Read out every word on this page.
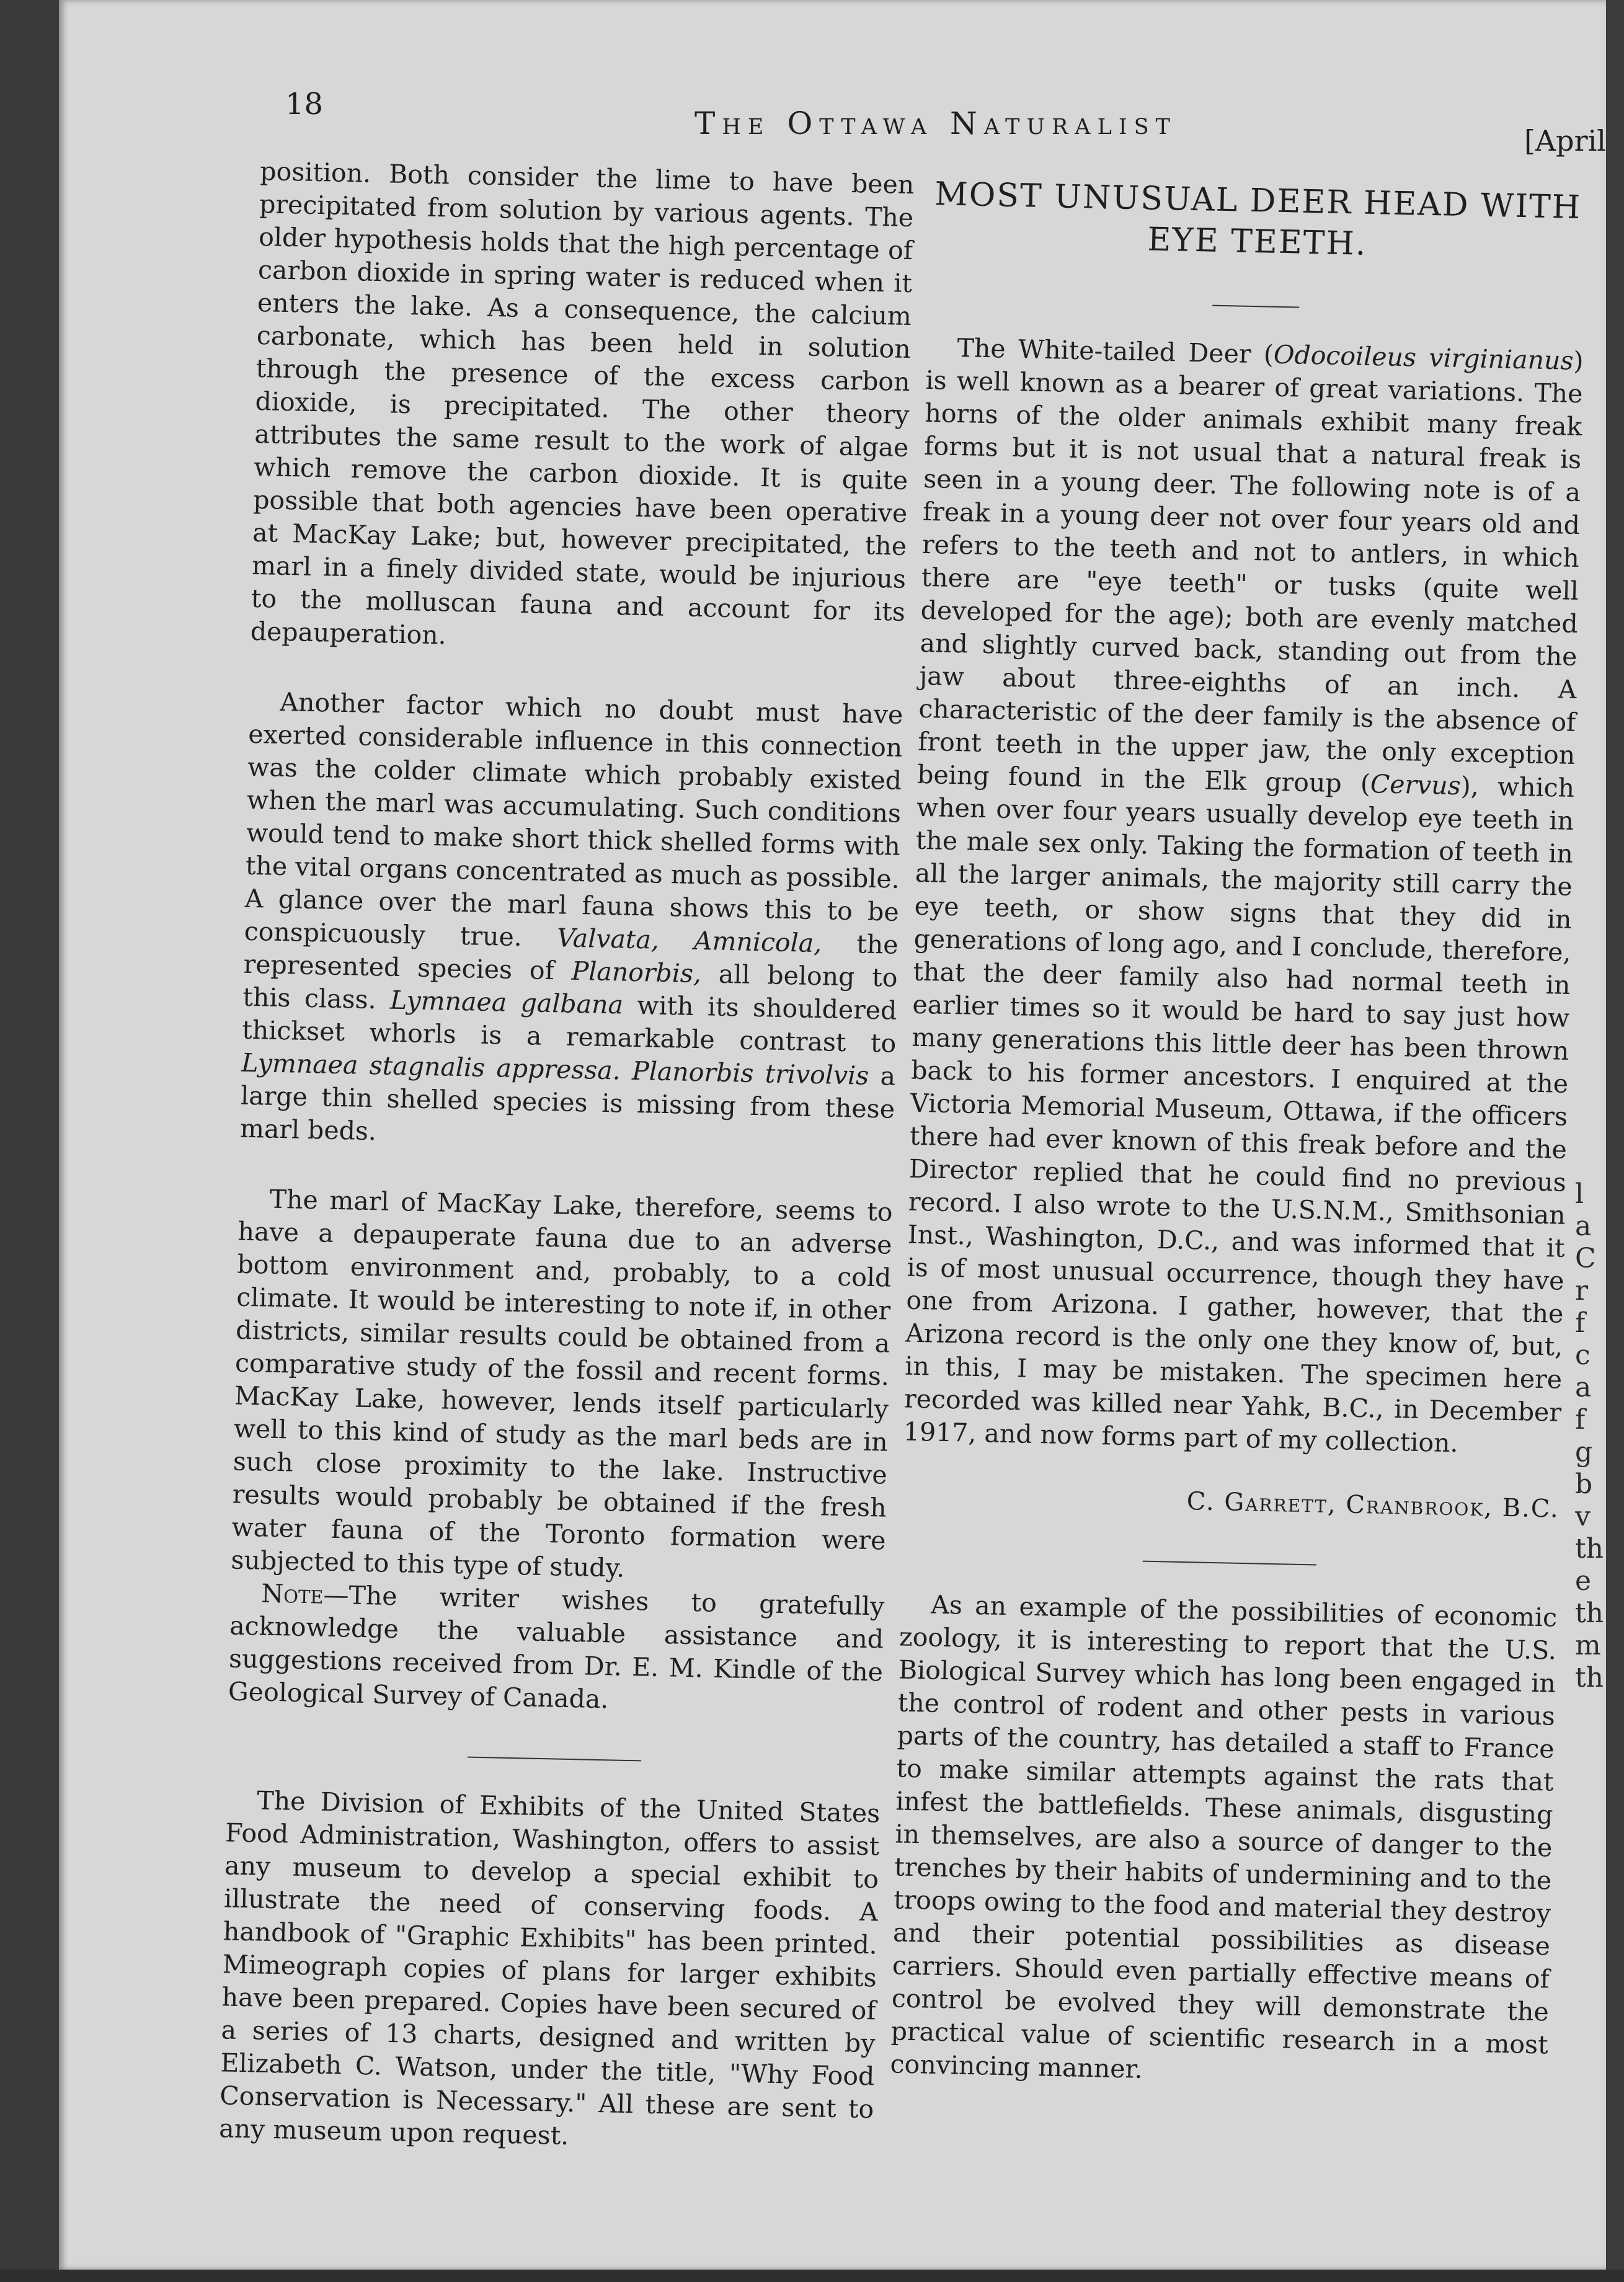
18
The Ottawa Naturalist	[April

position. Both consider the lime to have been precipitated from solution by various agents. The older hypothesis holds that the high percentage of carbon dioxide in spring water is reduced when it enters the lake. As a consequence, the calcium carbonate, which has been held in solution through the presence of the excess carbon dioxide, is precipitated. The other theory attributes the same result to the work of algae which remove the carbon dioxide. It is quite possible that both agencies have been operative at MacKay Lake; but, however precipitated, the marl in a finely divided state, would be injurious to the molluscan fauna and account for its depauperation.

Another factor which no doubt must have exerted considerable influence in this connection was the colder climate which probably existed when the marl was accumulating. Such conditions would tend to make short thick shelled forms with the vital organs concentrated as much as possible. A glance over the marl fauna shows this to be conspicuously true. Valvata, Amnicola, the represented species of Planorbis, all belong to this class. Lymnaea galbana with its shouldered thickset whorls is a remarkable contrast to Lymnaea stagnalis appressa. Planorbis trivolvis a large thin shelled species is missing from these marl beds.

The marl of MacKay Lake, therefore, seems to have a depauperate fauna due to an adverse bottom environment and, probably, to a cold climate. It would be interesting to note if, in other districts, similar results could be obtained from a comparative study of the fossil and recent forms. MacKay Lake, however, lends itself particularly well to this kind of study as the marl beds are in such close proximity to the lake. Instructive results would probably be obtained if the fresh water fauna of the Toronto formation were subjected to this type of study.

Note—The writer wishes to gratefully acknowledge the valuable assistance and suggestions received from Dr. E. M. Kindle of the Geological Survey of Canada.

The Division of Exhibits of the United States Food Administration, Washington, offers to assist any museum to develop a special exhibit to illustrate the need of conserving foods. A handbook of "Graphic Exhibits" has been printed. Mimeograph copies of plans for larger exhibits have been prepared. Copies have been secured of a series of 13 charts, designed and written by Elizabeth C. Watson, under the title, "Why Food Conservation is Necessary." All these are sent to any museum upon request.

MOST UNUSUAL DEER HEAD WITH EYE TEETH.

The White-tailed Deer (Odocoileus virginianus) is well known as a bearer of great variations. The horns of the older animals exhibit many freak forms but it is not usual that a natural freak is seen in a young deer. The following note is of a freak in a young deer not over four years old and refers to the teeth and not to antlers, in which there are "eye teeth" or tusks (quite well developed for the age); both are evenly matched and slightly curved back, standing out from the jaw about three-eighths of an inch. A characteristic of the deer family is the absence of front teeth in the upper jaw, the only exception being found in the Elk group (Cervus), which when over four years usually develop eye teeth in the male sex only. Taking the formation of teeth in all the larger animals, the majority still carry the eye teeth, or show signs that they did in generations of long ago, and I conclude, therefore, that the deer family also had normal teeth in earlier times so it would be hard to say just how many generations this little deer has been thrown back to his former ancestors. I enquired at the Victoria Memorial Museum, Ottawa, if the officers there had ever known of this freak before and the Director replied that he could find no previous record. I also wrote to the U.S.N.M., Smithsonian Inst., Washington, D.C., and was informed that it is of most unusual occurrence, though they have one from Arizona. I gather, however, that the Arizona record is the only one they know of, but, in this, I may be mistaken. The specimen here recorded was killed near Yahk, B.C., in December 1917, and now forms part of my collection.

C. Garrett, Cranbrook, B.C.

As an example of the possibilities of economic zoology, it is interesting to report that the U.S. Biological Survey which has long been engaged in the control of rodent and other pests in various parts of the country, has detailed a staff to France to make similar attempts against the rats that infest the battlefields. These animals, disgusting in themselves, are also a source of danger to the trenches by their habits of undermining and to the troops owing to the food and material they destroy and their potential possibilities as disease carriers. Should even partially effective means of control be evolved they will demonstrate the practical value of scientific research in a most convincing manner.

l
a
C
r
f
c
a
f
g
b
v
th
e
th
m
th
